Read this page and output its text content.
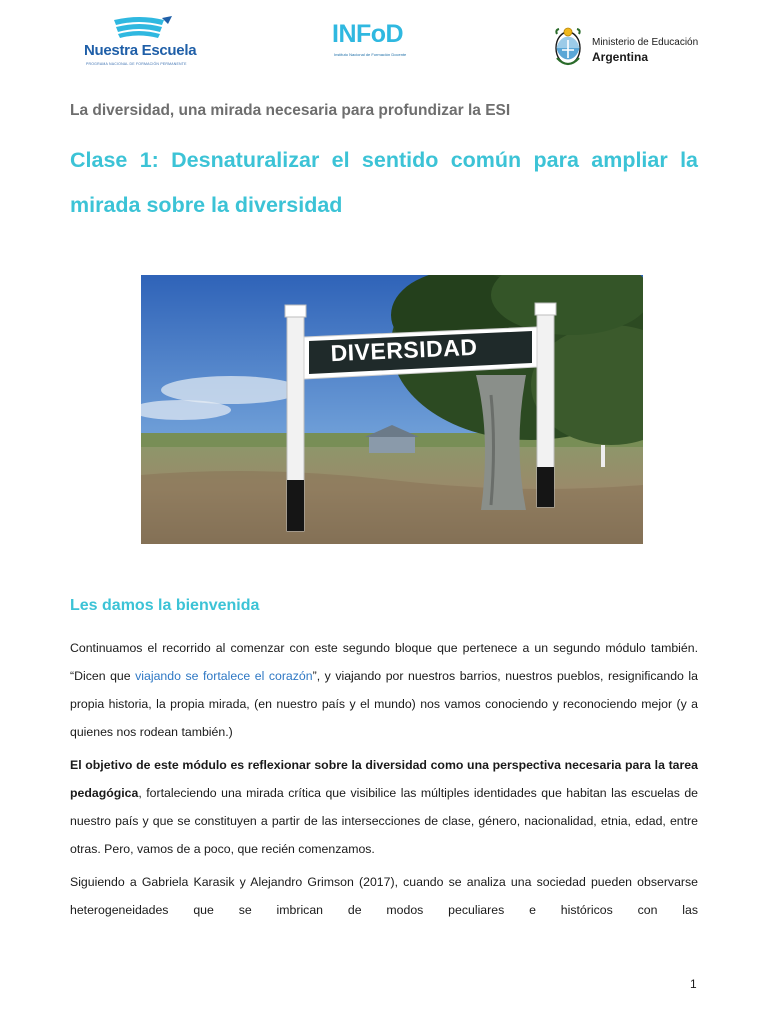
Nuestra Escuela
PROGRAMA NACIONAL DE FORMACIÓN PERMANENTE
INFoD
Instituto Nacional de Formación Docente
Ministerio de Educación
Argentina
La diversidad, una mirada necesaria para profundizar la ESI
Clase 1: Desnaturalizar el sentido común para ampliar la mirada sobre la diversidad
DIVERSIDAD
Les damos la bienvenida

Continuamos el recorrido al comenzar con este segundo bloque que pertenece a un segundo módulo también. “Dicen que viajando se fortalece el corazón”, y viajando por nuestros barrios, nuestros pueblos, resignificando la propia historia, la propia mirada, (en nuestro país y el mundo) nos vamos conociendo y reconociendo mejor (y a quienes nos rodean también.)

El objetivo de este módulo es reflexionar sobre la diversidad como una perspectiva necesaria para la tarea pedagógica, fortaleciendo una mirada crítica que visibilice las múltiples identidades que habitan las escuelas de nuestro país y que se constituyen a partir de las intersecciones de clase, género, nacionalidad, etnia, edad, entre otras. Pero, vamos de a poco, que recién comenzamos.

Siguiendo a Gabriela Karasik y Alejandro Grimson (2017), cuando se analiza una sociedad pueden observarse heterogeneidades que se imbrican de modos peculiares e históricos con las

1
